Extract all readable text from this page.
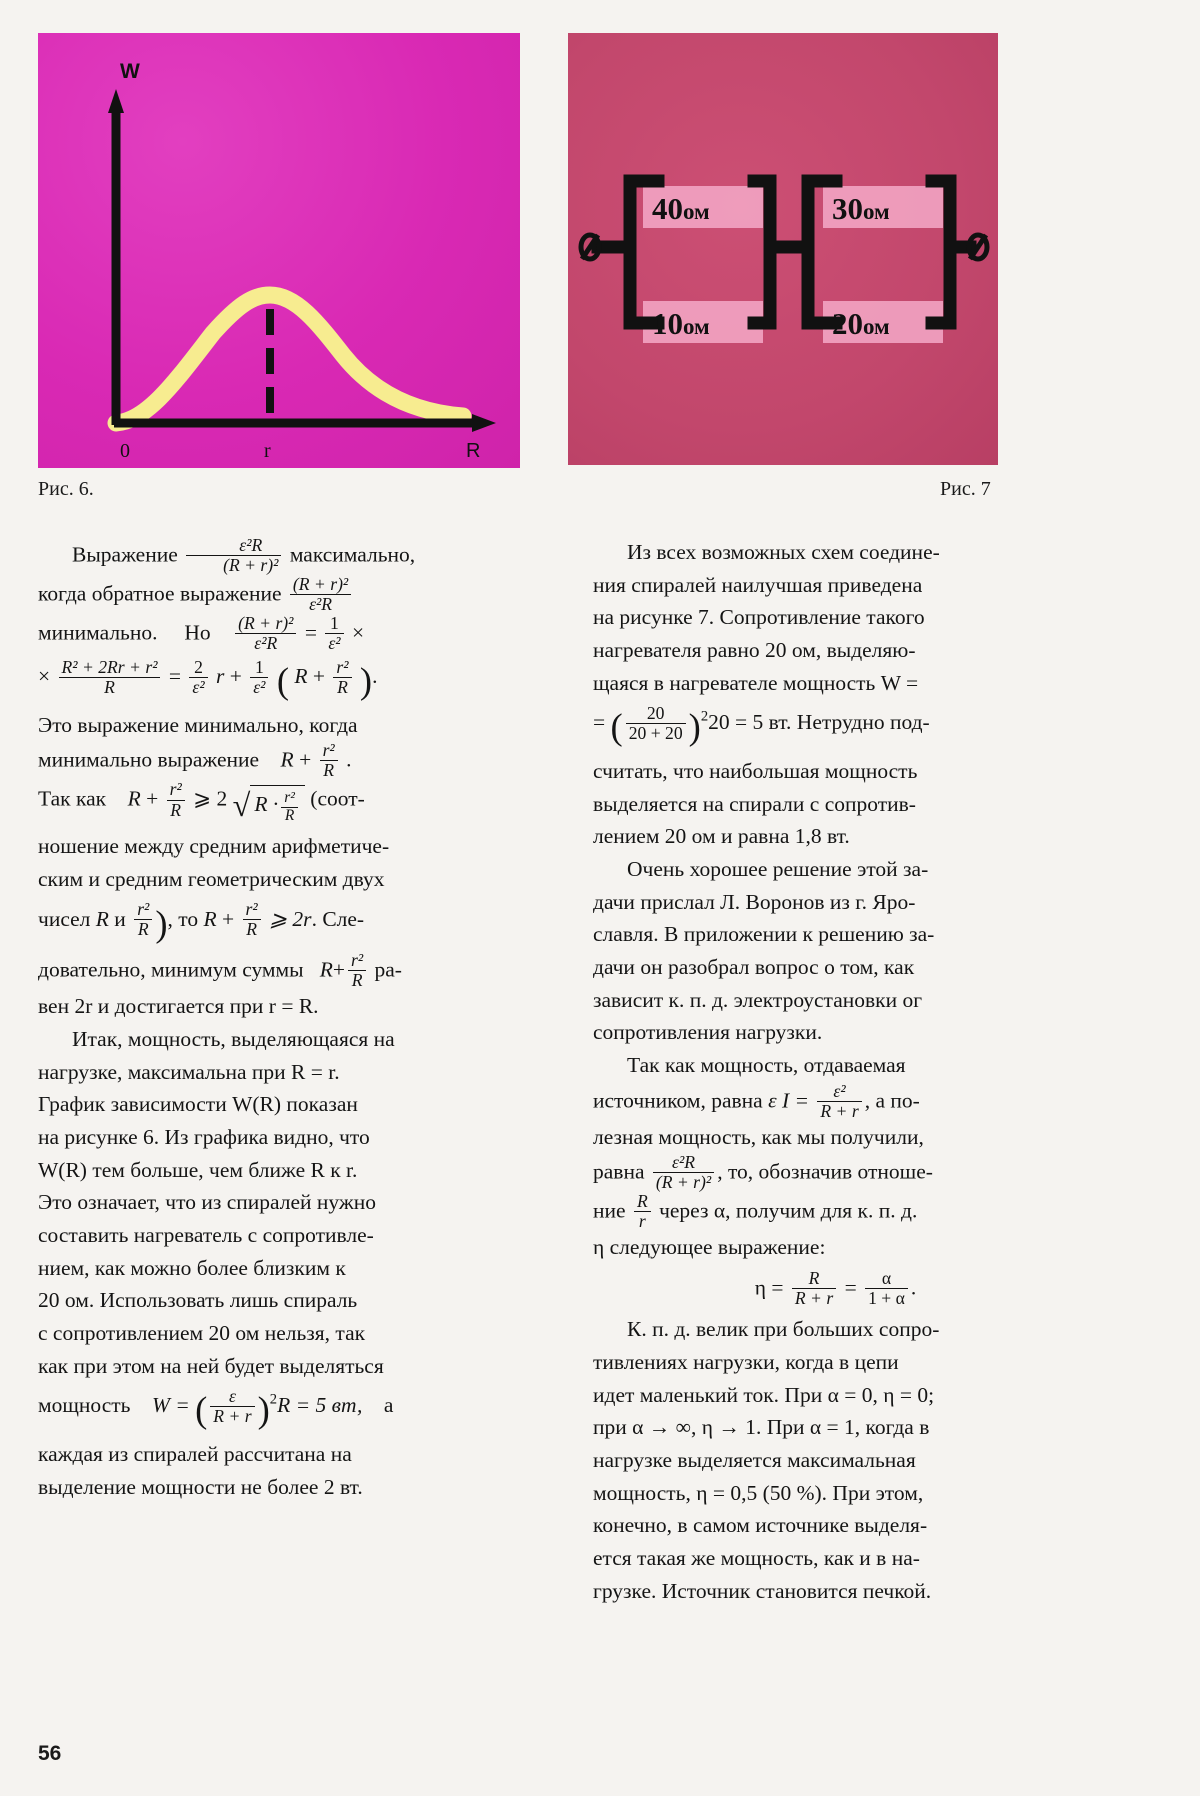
W
0	r	R
Рис. 6.
40ом	30ом
10ом	20ом
Рис. 7

Выражение $\frac{\text{ε²R}}{\text{(R + r)²}}$ максимально,

когда обратное выражение $\frac{\text{(R + r)²}}{\text{ε²R}}$

минимально. Но $\frac{\text{(R + r)²}}{\text{ε²R}} = \frac{1}{\text{ε²}}$ ×

× $\frac{\text{R² + 2Rr + r²}}{R} = \frac{2}{\text{ε²}}$ $r + \frac{1}{\text{ε²}}$ ( $R + \frac{\text{r²}}{R}$ ).

Это выражение минимально, когда

минимально выражение $R + \frac{\text{r²}}{R}$ .

Так как $R + \frac{\text{r²}}{R}$ ⩾ 2 √ $R \cdot \frac{\text{r²}}{R}$ (соот-

ношение между средним арифметиче-

ским и средним геометрическим двух

чисел R и $\frac{\text{r²}}{R}$ ), то $R + \frac{\text{r²}}{R}$ ⩾ 2r. Сле-

довательно, минимум суммы $R+ \frac{\text{r²}}{R} ра-$

вен 2r и достигается при r = R.

Итак, мощность, выделяющаяся на

нагрузке, максимальна при R = r.

График зависимости W(R) показан

на рисунке 6. Из графика видно, что

W(R) тем больше, чем ближе R к r.

Это означает, что из спиралей нужно

составить нагреватель с сопротивле-

нием, как можно более близким к

20 ом. Использовать лишь спираль

с сопротивлением 20 ом нельзя, так

как при этом на ней будет выделяться

мощность W = ( $\frac{\varepsilon}{R + r} )^2R = 5$ вт, а

каждая из спиралей рассчитана на

выделение мощности не более 2 вт.

Из всех возможных схем соедине-

ния спиралей наилучшая приведена

на рисунке 7. Сопротивление такого

нагревателя равно 20 ом, выделяю-

щаяся в нагревателе мощность W =

= ( $\frac{20}{20 + 20} )^220 = 5$ вт. Нетрудно под-

считать, что наибольшая мощность

выделяется на спирали с сопротив-

лением 20 ом и равна 1,8 вт.

Очень хорошее решение этой за-

дачи прислал Л. Воронов из г. Яро-

славля. В приложении к решению за-

дачи он разобрал вопрос о том, как

зависит к. п. д. электроустановки oг

сопротивления нагрузки.

Так как мощность, отдаваемая

источником, равна ε $I = \frac{\text{ε²}}{R + r}$ , а по-

лезная мощность, как мы получили,

равна $\frac{\text{ε²R}}{\text{(R + r)²}}$ , то, обозначив отноше-

ние $\frac{R}{r}$ через α, получим для к. п. д.

η следующее выражение:

$\eta = \frac{R}{R + r} = \frac{\alpha}{1 + \alpha}$ .

К. п. д. велик при больших сопро-

тивлениях нагрузки, когда в цепи

идет маленький ток. При α = 0, η = 0;

при α → ∞, η → 1. При α = 1, когда в

нагрузке выделяется максимальная

мощность, η = 0,5 (50 %). При этом,

конечно, в самом источнике выделя-

ется такая же мощность, как и в на-

грузке. Источник становится печкой.

56
